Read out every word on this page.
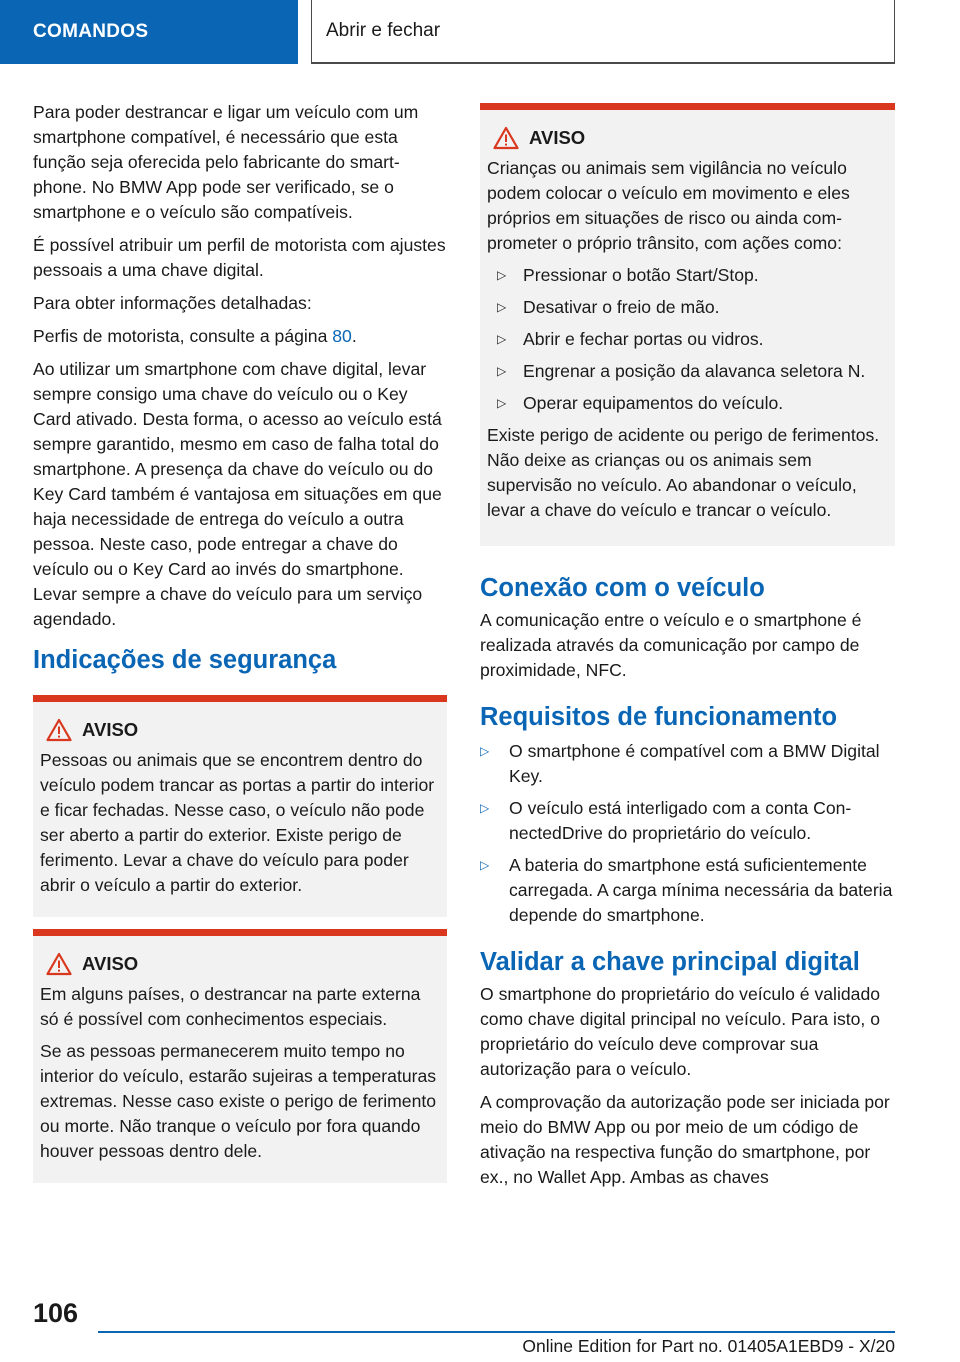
COMANDOS	Abrir e fechar

Para poder destrancar e ligar um veículo com um smartphone compatível, é necessário que esta função seja oferecida pelo fabricante do smartphone. No BMW App pode ser verificado, se o smartphone e o veículo são compatíveis.

É possível atribuir um perfil de motorista com ajustes pessoais a uma chave digital.

Para obter informações detalhadas:

Perfis de motorista, consulte a página 80.

Ao utilizar um smartphone com chave digital, levar sempre consigo uma chave do veículo ou o Key Card ativado. Desta forma, o acesso ao veículo está sempre garantido, mesmo em caso de falha total do smartphone. A presença da chave do veículo ou do Key Card também é vantajosa em situações em que haja necessidade de entrega do veículo a outra pessoa. Neste caso, pode entregar a chave do veículo ou o Key Card ao invés do smartphone. Levar sempre a chave do veículo para um serviço agendado.

Indicações de segurança
AVISO

Pessoas ou animais que se encontrem dentro do veículo podem trancar as portas a partir do interior e ficar fechadas. Nesse caso, o veículo não pode ser aberto a partir do exterior. Existe perigo de ferimento. Levar a chave do veículo para poder abrir o veículo a partir do exterior.

AVISO

Em alguns países, o destrancar na parte externa só é possível com conhecimentos especiais.

Se as pessoas permanecerem muito tempo no interior do veículo, estarão sujeiras a temperaturas extremas. Nesse caso existe o perigo de ferimento ou morte. Não tranque o veículo por fora quando houver pessoas dentro dele.

AVISO

Crianças ou animais sem vigilância no veículo podem colocar o veículo em movimento e eles próprios em situações de risco ou ainda comprometer o próprio trânsito, com ações como:

▷ Pressionar o botão Start/Stop.
▷ Desativar o freio de mão.
▷ Abrir e fechar portas ou vidros.
▷ Engrenar a posição da alavanca seletora N.
▷ Operar equipamentos do veículo.

Existe perigo de acidente ou perigo de ferimentos. Não deixe as crianças ou os animais sem supervisão no veículo. Ao abandonar o veículo, levar a chave do veículo e trancar o veículo.

Conexão com o veículo

A comunicação entre o veículo e o smartphone é realizada através da comunicação por campo de proximidade, NFC.

Requisitos de funcionamento
▷ O smartphone é compatível com a BMW Digital Key.
▷ O veículo está interligado com a conta ConnectedDrive do proprietário do veículo.
▷ A bateria do smartphone está suficientemente carregada. A carga mínima necessária da bateria depende do smartphone.
Validar a chave principal digital

O smartphone do proprietário do veículo é validado como chave digital principal no veículo. Para isto, o proprietário do veículo deve comprovar sua autorização para o veículo.

A comprovação da autorização pode ser iniciada por meio do BMW App ou por meio de um código de ativação na respectiva função do smartphone, por ex., no Wallet App. Ambas as chaves

106
Online Edition for Part no. 01405A1EBD9 - X/20
